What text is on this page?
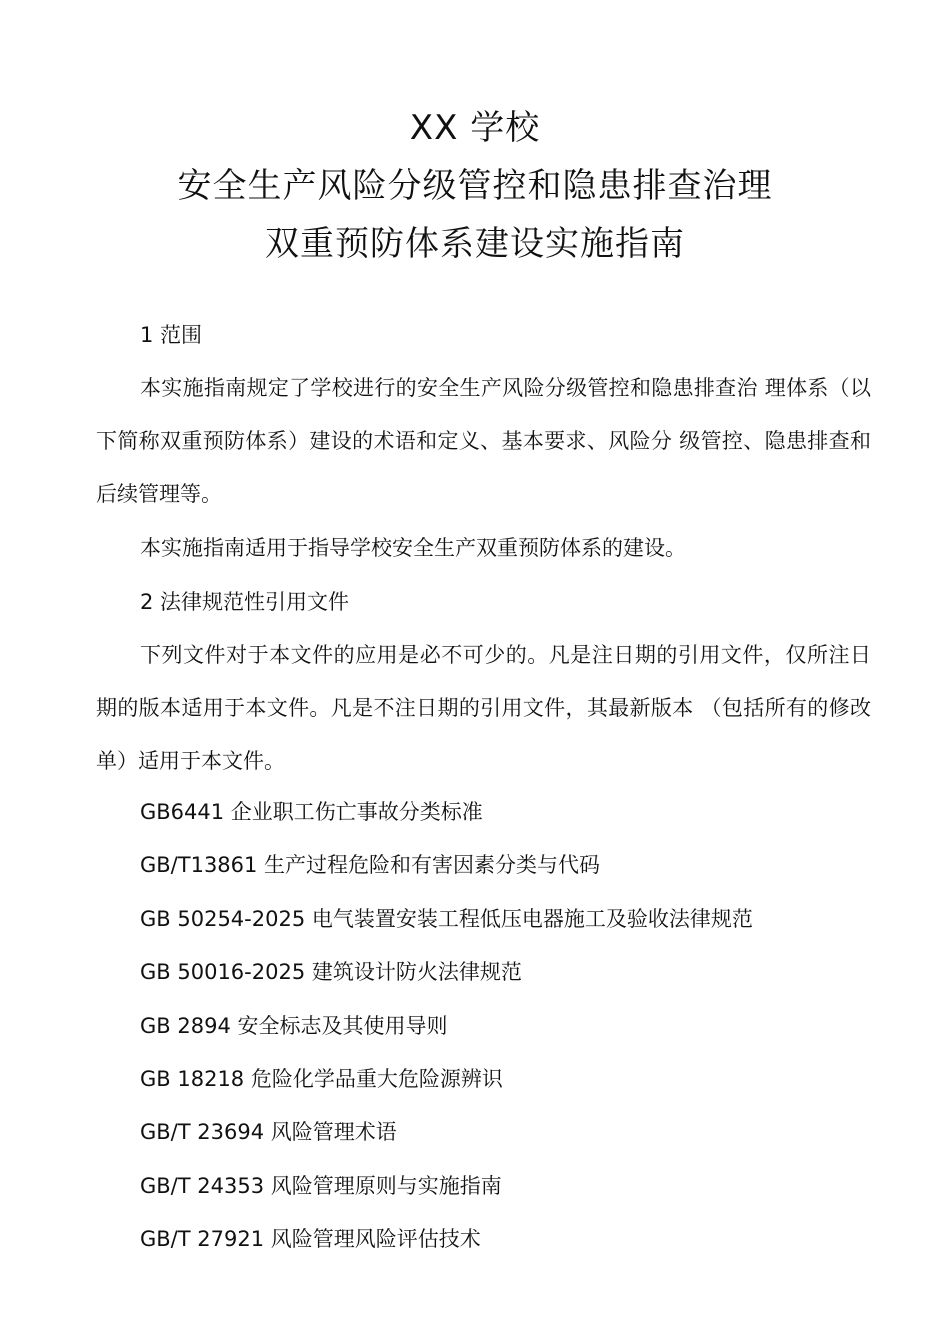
XX 学校
安全生产风险分级管控和隐患排查治理
双重预防体系建设实施指南
1 范围
本实施指南规定了学校进行的安全生产风险分级管控和隐患排查治 理体系（以下简称双重预防体系）建设的术语和定义、基本要求、风险分 级管控、隐患排查和后续管理等。
本实施指南适用于指导学校安全生产双重预防体系的建设。
2 法律规范性引用文件
下列文件对于本文件的应用是必不可少的。凡是注日期的引用文件，仅所注日期的版本适用于本文件。凡是不注日期的引用文件，其最新版本 （包括所有的修改单）适用于本文件。
GB6441 企业职工伤亡事故分类标准
GB/T13861 生产过程危险和有害因素分类与代码
GB 50254-2025 电气装置安装工程低压电器施工及验收法律规范
GB 50016-2025 建筑设计防火法律规范
GB 2894 安全标志及其使用导则
GB 18218 危险化学品重大危险源辨识
GB/T 23694 风险管理术语
GB/T 24353 风险管理原则与实施指南
GB/T 27921 风险管理风险评估技术
